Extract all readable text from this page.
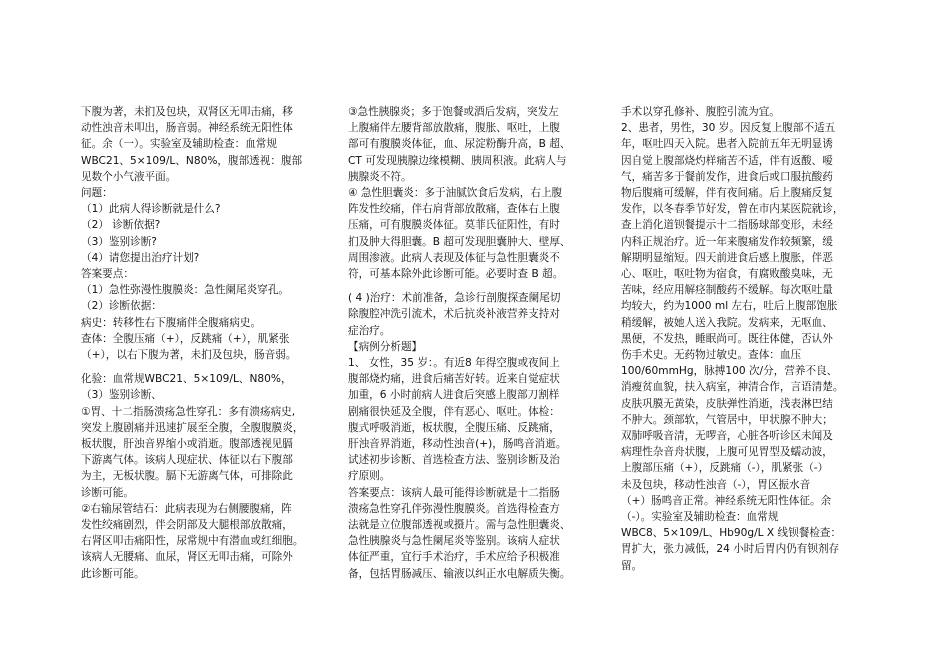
下腹为著，未扪及包块，双肾区无叩击痛，移

动性浊音未叩出，肠音弱。神经系统无阳性体

征。余（一）。实验室及辅助检查：血常规

WBC21、5×109/L、N80%，腹部透视：腹部

见数个小气液平面。

问题：

（1）此病人得诊断就是什么?

（2） 诊断依据?

（3）鉴别诊断?

（4）请您提出治疗计划?

答案要点：

（1）急性弥漫性腹膜炎：急性阑尾炎穿孔。

（2）诊断依据：

病史：转移性右下腹痛伴全腹痛病史。

查体：全腹压痛（+），反跳痛（+），肌紧张

（+），以右下腹为著，未扪及包块，肠音弱。

化验：血常规WBC21、5×109/L、N80%，

（3）鉴别诊断、

①胃、十二指肠溃疡急性穿孔：多有溃疡病史,

突发上腹剧痛并迅速扩展至全腹，全腹腹膜炎，

板状腹，肝浊音界缩小或消逝。腹部透视见膈

下游离气体。该病人现症状、体征以右下腹部

为主，无板状腹。膈下无游离气体，可排除此

诊断可能。

②右输尿管结石：此病表现为右侧腰腹痛，阵

发性绞痛剧烈，伴会阴部及大腿根部放散痛，

右肾区叩击痛阳性，尿常规中有潜血或红细胞。

该病人无腰痛、血尿，肾区无叩击痛，可除外

此诊断可能。

③急性胰腺炎；多于饱餐或酒后发病，突发左

上腹痛伴左腰背部放散痛，腹胀、呕吐，上腹

部可有腹膜炎体征，血、尿淀粉酶升高，B 超、

CT 可发现胰腺边缘模糊、胰周积液。此病人与

胰腺炎不符。

④ 急性胆囊炎：多于油腻饮食后发病，右上腹

阵发性绞痛，伴右肩背部放散痛，查体右上腹

压痛，可有腹膜炎体征。莫菲氏征阳性，有时

扪及肿大得胆囊。B 超可发现胆囊肿大、壁厚、

周围渗液。此病人表现及体征与急性胆囊炎不

符，可基本除外此诊断可能。必要时查 B 超。

( 4 )治疗：术前准备，急诊行剖腹探查阑尾切

除腹腔冲洗引流术，术后抗炎补液营养支持对

症治疗。

【病例分析题】

1、 女性，35 岁：。有近8 年得空腹或夜间上

腹部烧灼痛，进食后痛苦好转。近来自觉症状

加重，6 小时前病人进食后突感上腹部刀割样

剧痛很快延及全腹，伴有恶心、呕吐。体检：

腹式呼吸消逝，板状腹，全腹压痛、反跳痛，

肝浊音界消逝，移动性浊音(+)，肠鸣音消逝。

试述初步诊断、首选检查方法、鉴别诊断及治

疗原则。

答案要点：该病人最可能得诊断就是十二指肠

溃疡急性穿孔伴弥漫性腹膜炎。首选得检查方

法就是立位腹部透视或摄片。需与急性胆囊炎、

急性胰腺炎与急性阑尾炎等鉴别。该病人症状

体征严重，宜行手术治疗，手术应给予积极准

备，包括胃肠减压、输液以纠正水电解质失衡。

手术以穿孔修补、腹腔引流为宜。

2、患者，男性，30 岁。因反复上腹部不适五

年，呕吐四天入院。患者入院前五年无明显诱

因自觉上腹部烧灼样痛苦不适，伴有返酸、嗳

气，痛苦多于餐前发作，进食后或口服抗酸药

物后腹痛可缓解，伴有夜间痛。后上腹痛反复

发作，以冬春季节好发，曾在市内某医院就诊，

查上消化道钡餐提示十二指肠球部变形，未经

内科正规治疗。近一年来腹痛发作较频繁，缓

解期明显缩短。四天前进食后感上腹胀，伴恶

心、呕吐，呕吐物为宿食，有腐败酸臭味，无

苦味，经应用解痉制酸药不缓解。每次呕吐量

均较大，约为1000 ml 左右，吐后上腹部饱胀

稍缓解，被她人送入我院。发病来，无呕血、

黑便，不发热，睡眠尚可。既往体健，否认外

伤手术史。无药物过敏史。查体：血压

100/60mmHg，脉搏100 次/分，营养不良、

消瘦贫血貌，扶入病室，神清合作，言语清楚。

皮肤巩膜无黄染，皮肤弹性消逝，浅表淋巴结

不肿大。颈部软，气管居中，甲状腺不肿大；

双肺呼吸音清，无啰音，心脏各听诊区未闻及

病理性杂音舟状腹，上腹可见胃型及蠕动波，

上腹部压痛（+），反跳痛（-），肌紧张（-）

未及包块，移动性浊音（-），胃区振水音

（+）肠鸣音正常。神经系统无阳性体征。余

（-）。实验室及辅助检查：血常规

WBC8、5×109/L、Hb90g/L X 线钡餐检查：

胃扩大，张力减低，24 小时后胃内仍有钡剂存

留。
